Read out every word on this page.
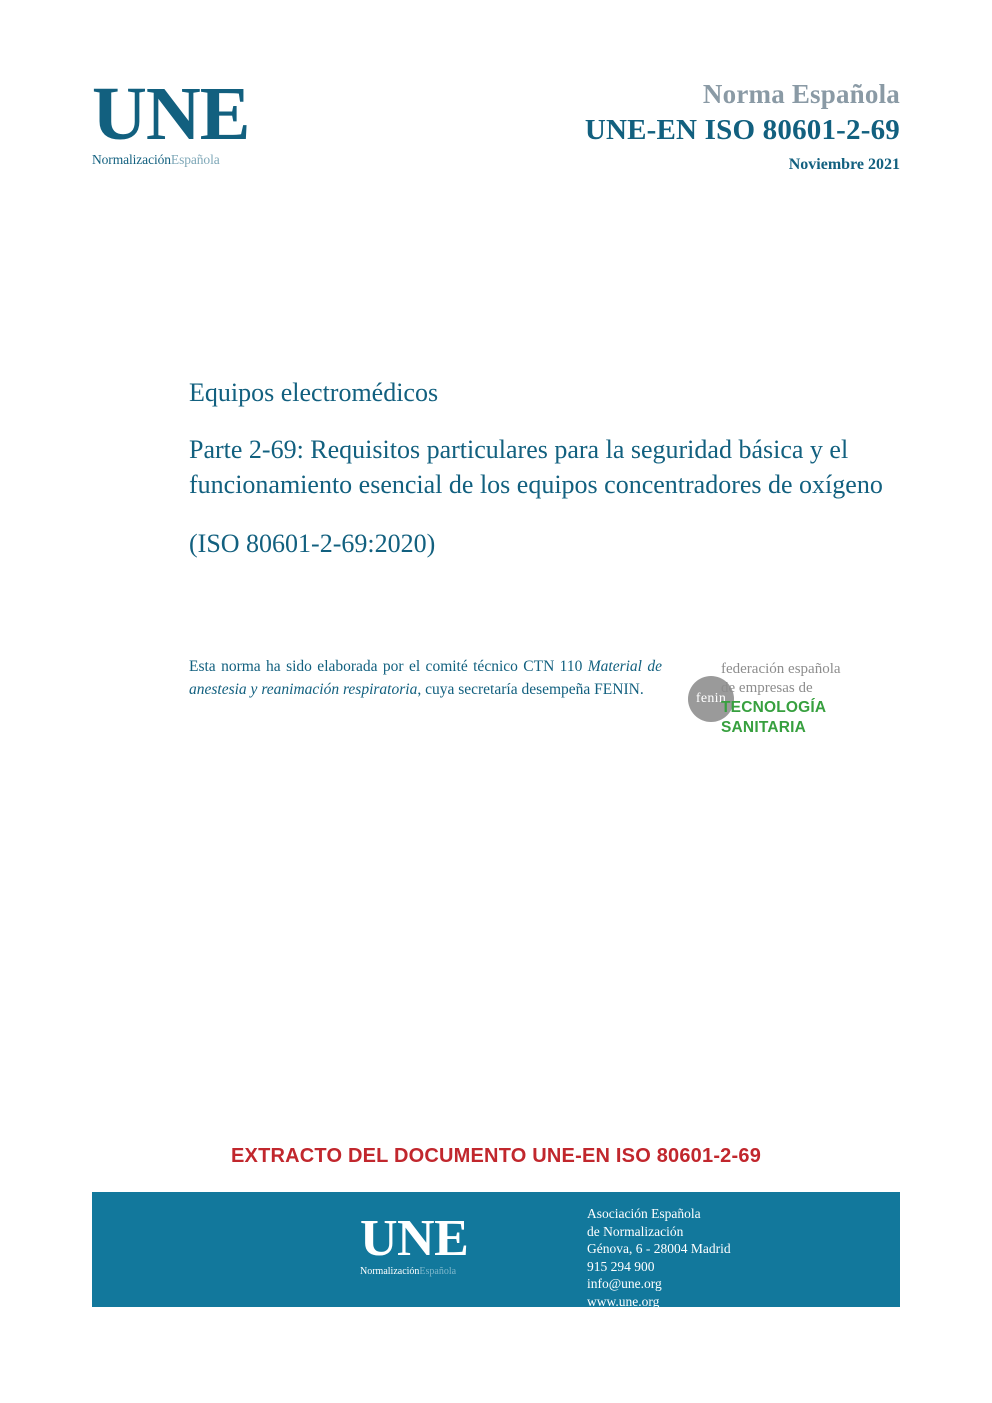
UNE
NormalizaciónEspañola
Norma Española
UNE-EN ISO 80601-2-69
Noviembre 2021
Equipos electromédicos
Parte 2-69: Requisitos particulares para la seguridad básica y el funcionamiento esencial de los equipos concentradores de oxígeno
(ISO 80601-2-69:2020)
Esta norma ha sido elaborada por el comité técnico CTN 110 Material de anestesia y reanimación respiratoria, cuya secretaría desempeña FENIN.
fenin
federación española
de empresas de
TECNOLOGÍA SANITARIA
EXTRACTO DEL DOCUMENTO UNE-EN ISO 80601-2-69
UNE
NormalizaciónEspañola
Asociación Española
de Normalización
Génova, 6 - 28004 Madrid
915 294 900
info@une.org
www.une.org
